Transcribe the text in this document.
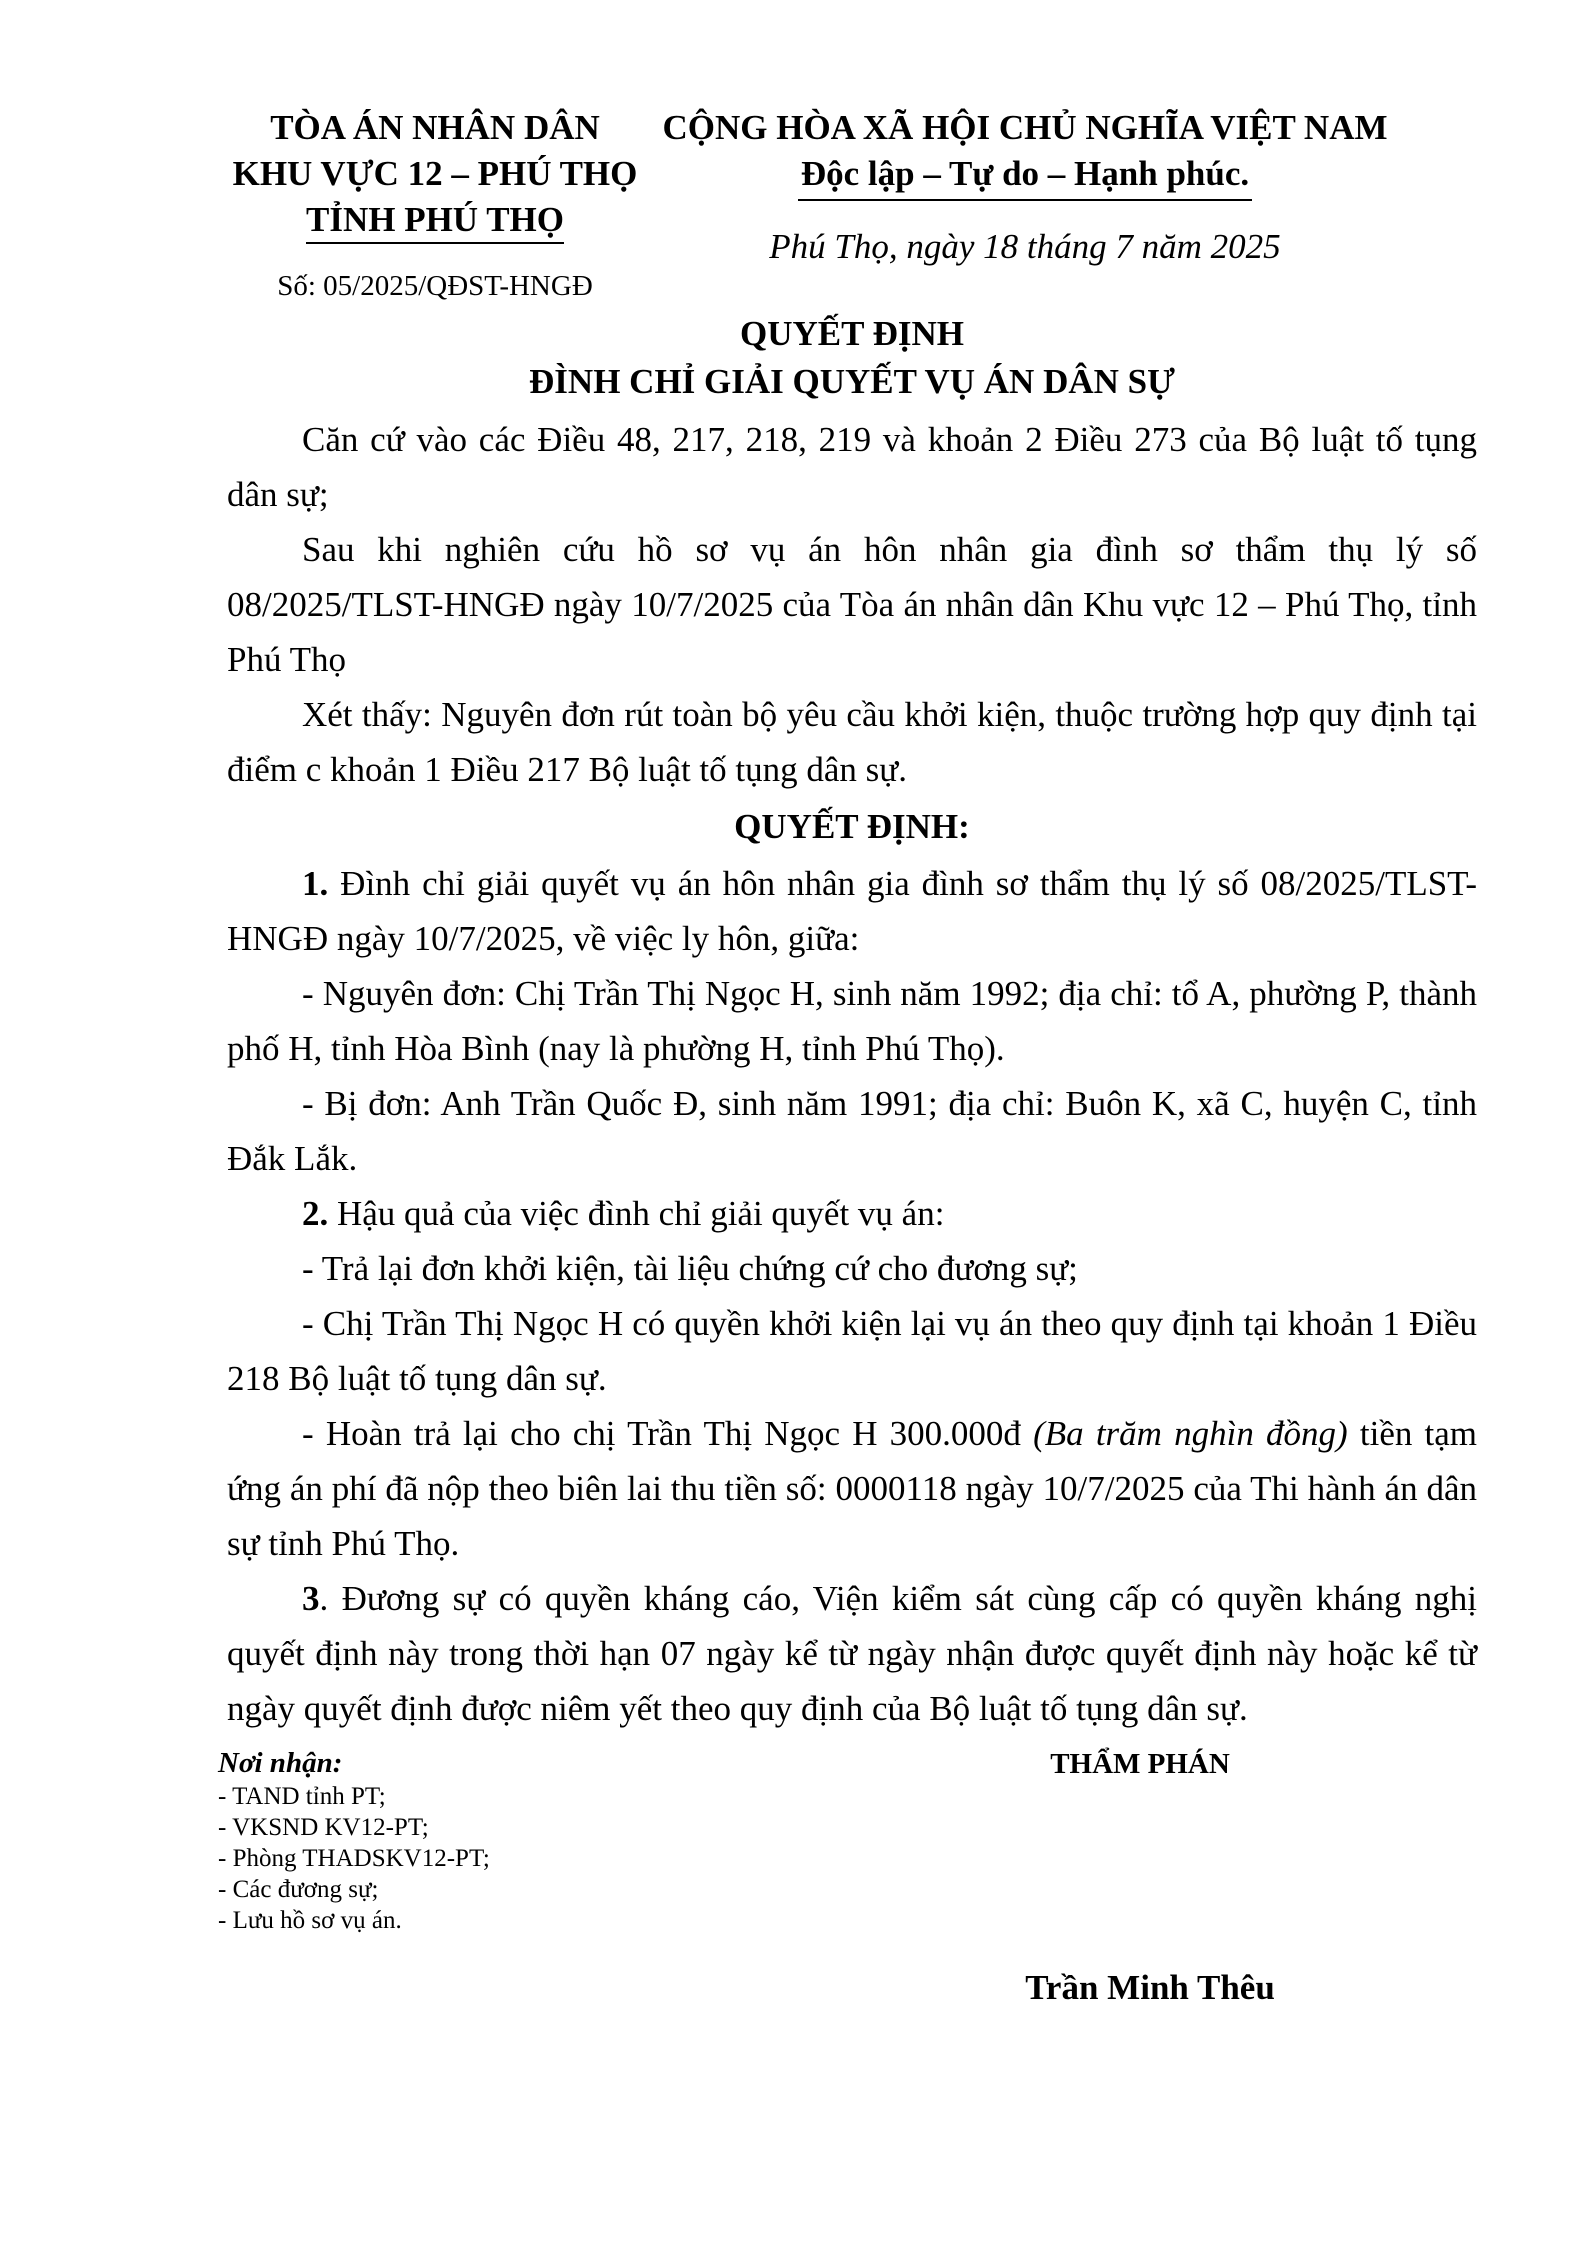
TÒA ÁN NHÂN DÂN
KHU VỰC 12 – PHÚ THỌ
TỈNH PHÚ THỌ
Số: 05/2025/QĐST-HNGĐ
CỘNG HÒA XÃ HỘI CHỦ NGHĨA VIỆT NAM
Độc lập – Tự do – Hạnh phúc.
Phú Thọ, ngày 18 tháng 7 năm 2025
QUYẾT ĐỊNH
ĐÌNH CHỈ GIẢI QUYẾT VỤ ÁN DÂN SỰ

Căn cứ vào các Điều 48, 217, 218, 219 và khoản 2 Điều 273 của Bộ luật tố tụng dân sự;

Sau khi nghiên cứu hồ sơ vụ án hôn nhân gia đình sơ thẩm thụ lý số 08/2025/TLST-HNGĐ ngày 10/7/2025 của Tòa án nhân dân Khu vực 12 – Phú Thọ, tỉnh Phú Thọ

Xét thấy: Nguyên đơn rút toàn bộ yêu cầu khởi kiện, thuộc trường hợp quy định tại điểm c khoản 1 Điều 217 Bộ luật tố tụng dân sự.

QUYẾT ĐỊNH:

1. Đình chỉ giải quyết vụ án hôn nhân gia đình sơ thẩm thụ lý số 08/2025/TLST-HNGĐ ngày 10/7/2025, về việc ly hôn, giữa:

- Nguyên đơn: Chị Trần Thị Ngọc H, sinh năm 1992; địa chỉ: tổ A, phường P, thành phố H, tỉnh Hòa Bình (nay là phường H, tỉnh Phú Thọ).

- Bị đơn: Anh Trần Quốc Đ, sinh năm 1991; địa chỉ: Buôn K, xã C, huyện C, tỉnh Đắk Lắk.

2. Hậu quả của việc đình chỉ giải quyết vụ án:

- Trả lại đơn khởi kiện, tài liệu chứng cứ cho đương sự;

- Chị Trần Thị Ngọc H có quyền khởi kiện lại vụ án theo quy định tại khoản 1 Điều 218 Bộ luật tố tụng dân sự.

- Hoàn trả lại cho chị Trần Thị Ngọc H 300.000đ (Ba trăm nghìn đồng) tiền tạm ứng án phí đã nộp theo biên lai thu tiền số: 0000118 ngày 10/7/2025 của Thi hành án dân sự tỉnh Phú Thọ.

3. Đương sự có quyền kháng cáo, Viện kiểm sát cùng cấp có quyền kháng nghị quyết định này trong thời hạn 07 ngày kể từ ngày nhận được quyết định này hoặc kể từ ngày quyết định được niêm yết theo quy định của Bộ luật tố tụng dân sự.

Nơi nhận:
- TAND tỉnh PT;
- VKSND KV12-PT;
- Phòng THADSKV12-PT;
- Các đương sự;
- Lưu hồ sơ vụ án.
THẨM PHÁN
Trần Minh Thêu
